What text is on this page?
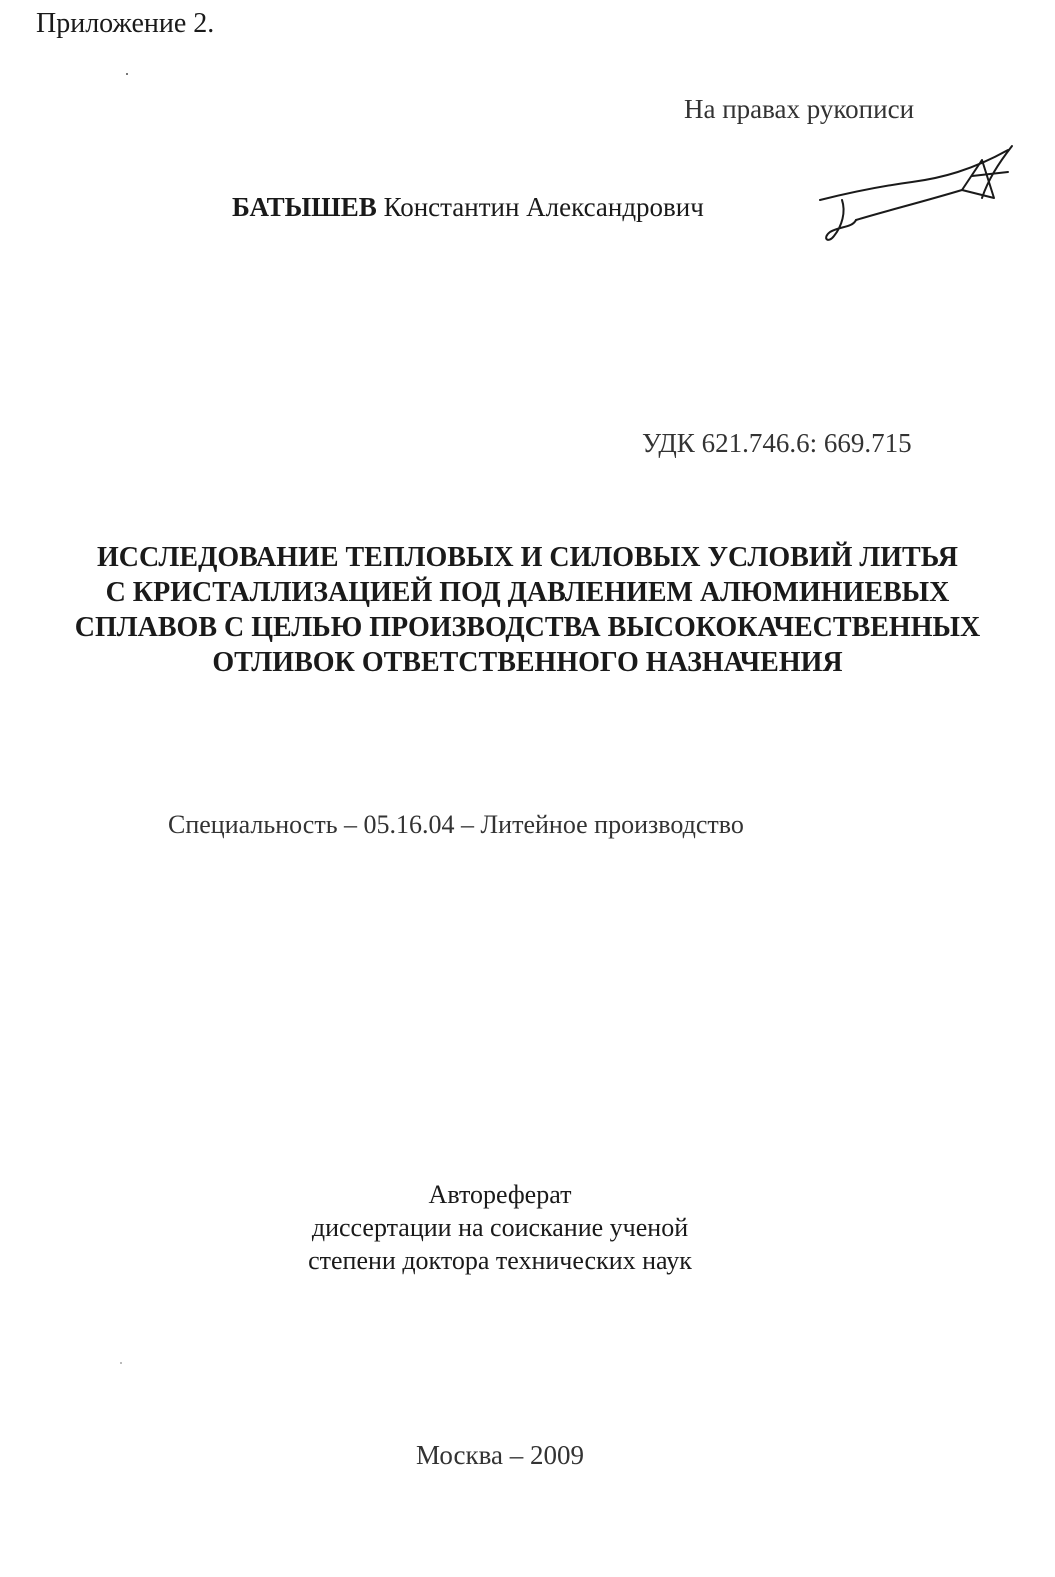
Приложение 2.
На правах рукописи
БАТЫШЕВ Константин Александрович
УДК 621.746.6: 669.715
ИССЛЕДОВАНИЕ ТЕПЛОВЫХ И СИЛОВЫХ УСЛОВИЙ ЛИТЬЯ
С КРИСТАЛЛИЗАЦИЕЙ ПОД ДАВЛЕНИЕМ АЛЮМИНИЕВЫХ
СПЛАВОВ С ЦЕЛЬЮ ПРОИЗВОДСТВА ВЫСОКОКАЧЕСТВЕННЫХ
ОТЛИВОК ОТВЕТСТВЕННОГО НАЗНАЧЕНИЯ
Специальность – 05.16.04 – Литейное производство
Автореферат
диссертации на соискание ученой
степени доктора технических наук
Москва – 2009
